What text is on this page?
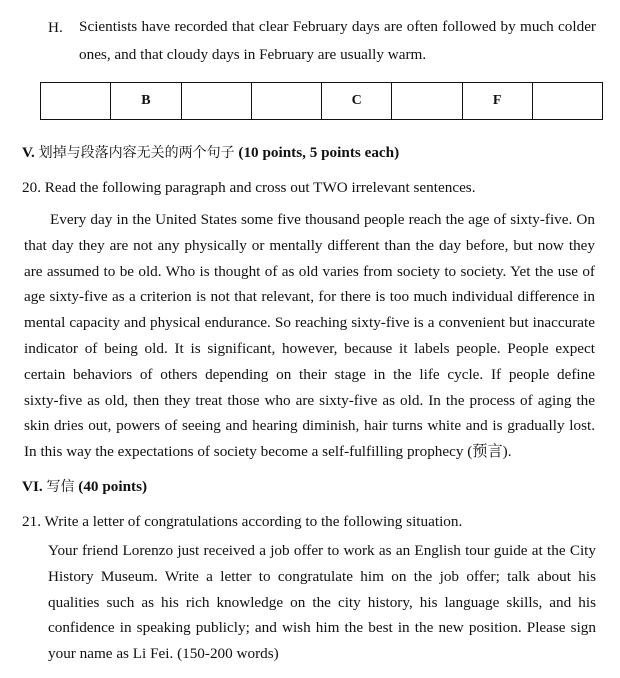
H. Scientists have recorded that clear February days are often followed by much colder
ones, and that cloudy days in February are usually warm.
	B			C		F	
V. 划掉与段落内容无关的两个句子 (10 points, 5 points each)
20. Read the following paragraph and cross out TWO irrelevant sentences.
Every day in the United States some five thousand people reach the age of sixty-five. On
that day they are not any physically or mentally different than the day before, but now they
are assumed to be old. Who is thought of as old varies from society to society. Yet the use of
age sixty-five as a criterion is not that relevant, for there is too much individual difference in
mental capacity and physical endurance. So reaching sixty-five is a convenient but inaccurate
indicator of being old. It is significant, however, because it labels people. People expect
certain behaviors of others depending on their stage in the life cycle. If people define
sixty-five as old, then they treat those who are sixty-five as old. In the process of aging the
skin dries out, powers of seeing and hearing diminish, hair turns white and is gradually lost.
In this way the expectations of society become a self-fulfilling prophecy (预言).
VI. 写信 (40 points)
21. Write a letter of congratulations according to the following situation.
Your friend Lorenzo just received a job offer to work as an English tour guide at the City
History Museum. Write a letter to congratulate him on the job offer; talk about his
qualities such as his rich knowledge on the city history, his language skills, and his
confidence in speaking publicly; and wish him the best in the new position. Please sign
your name as Li Fei. (150-200 words)
